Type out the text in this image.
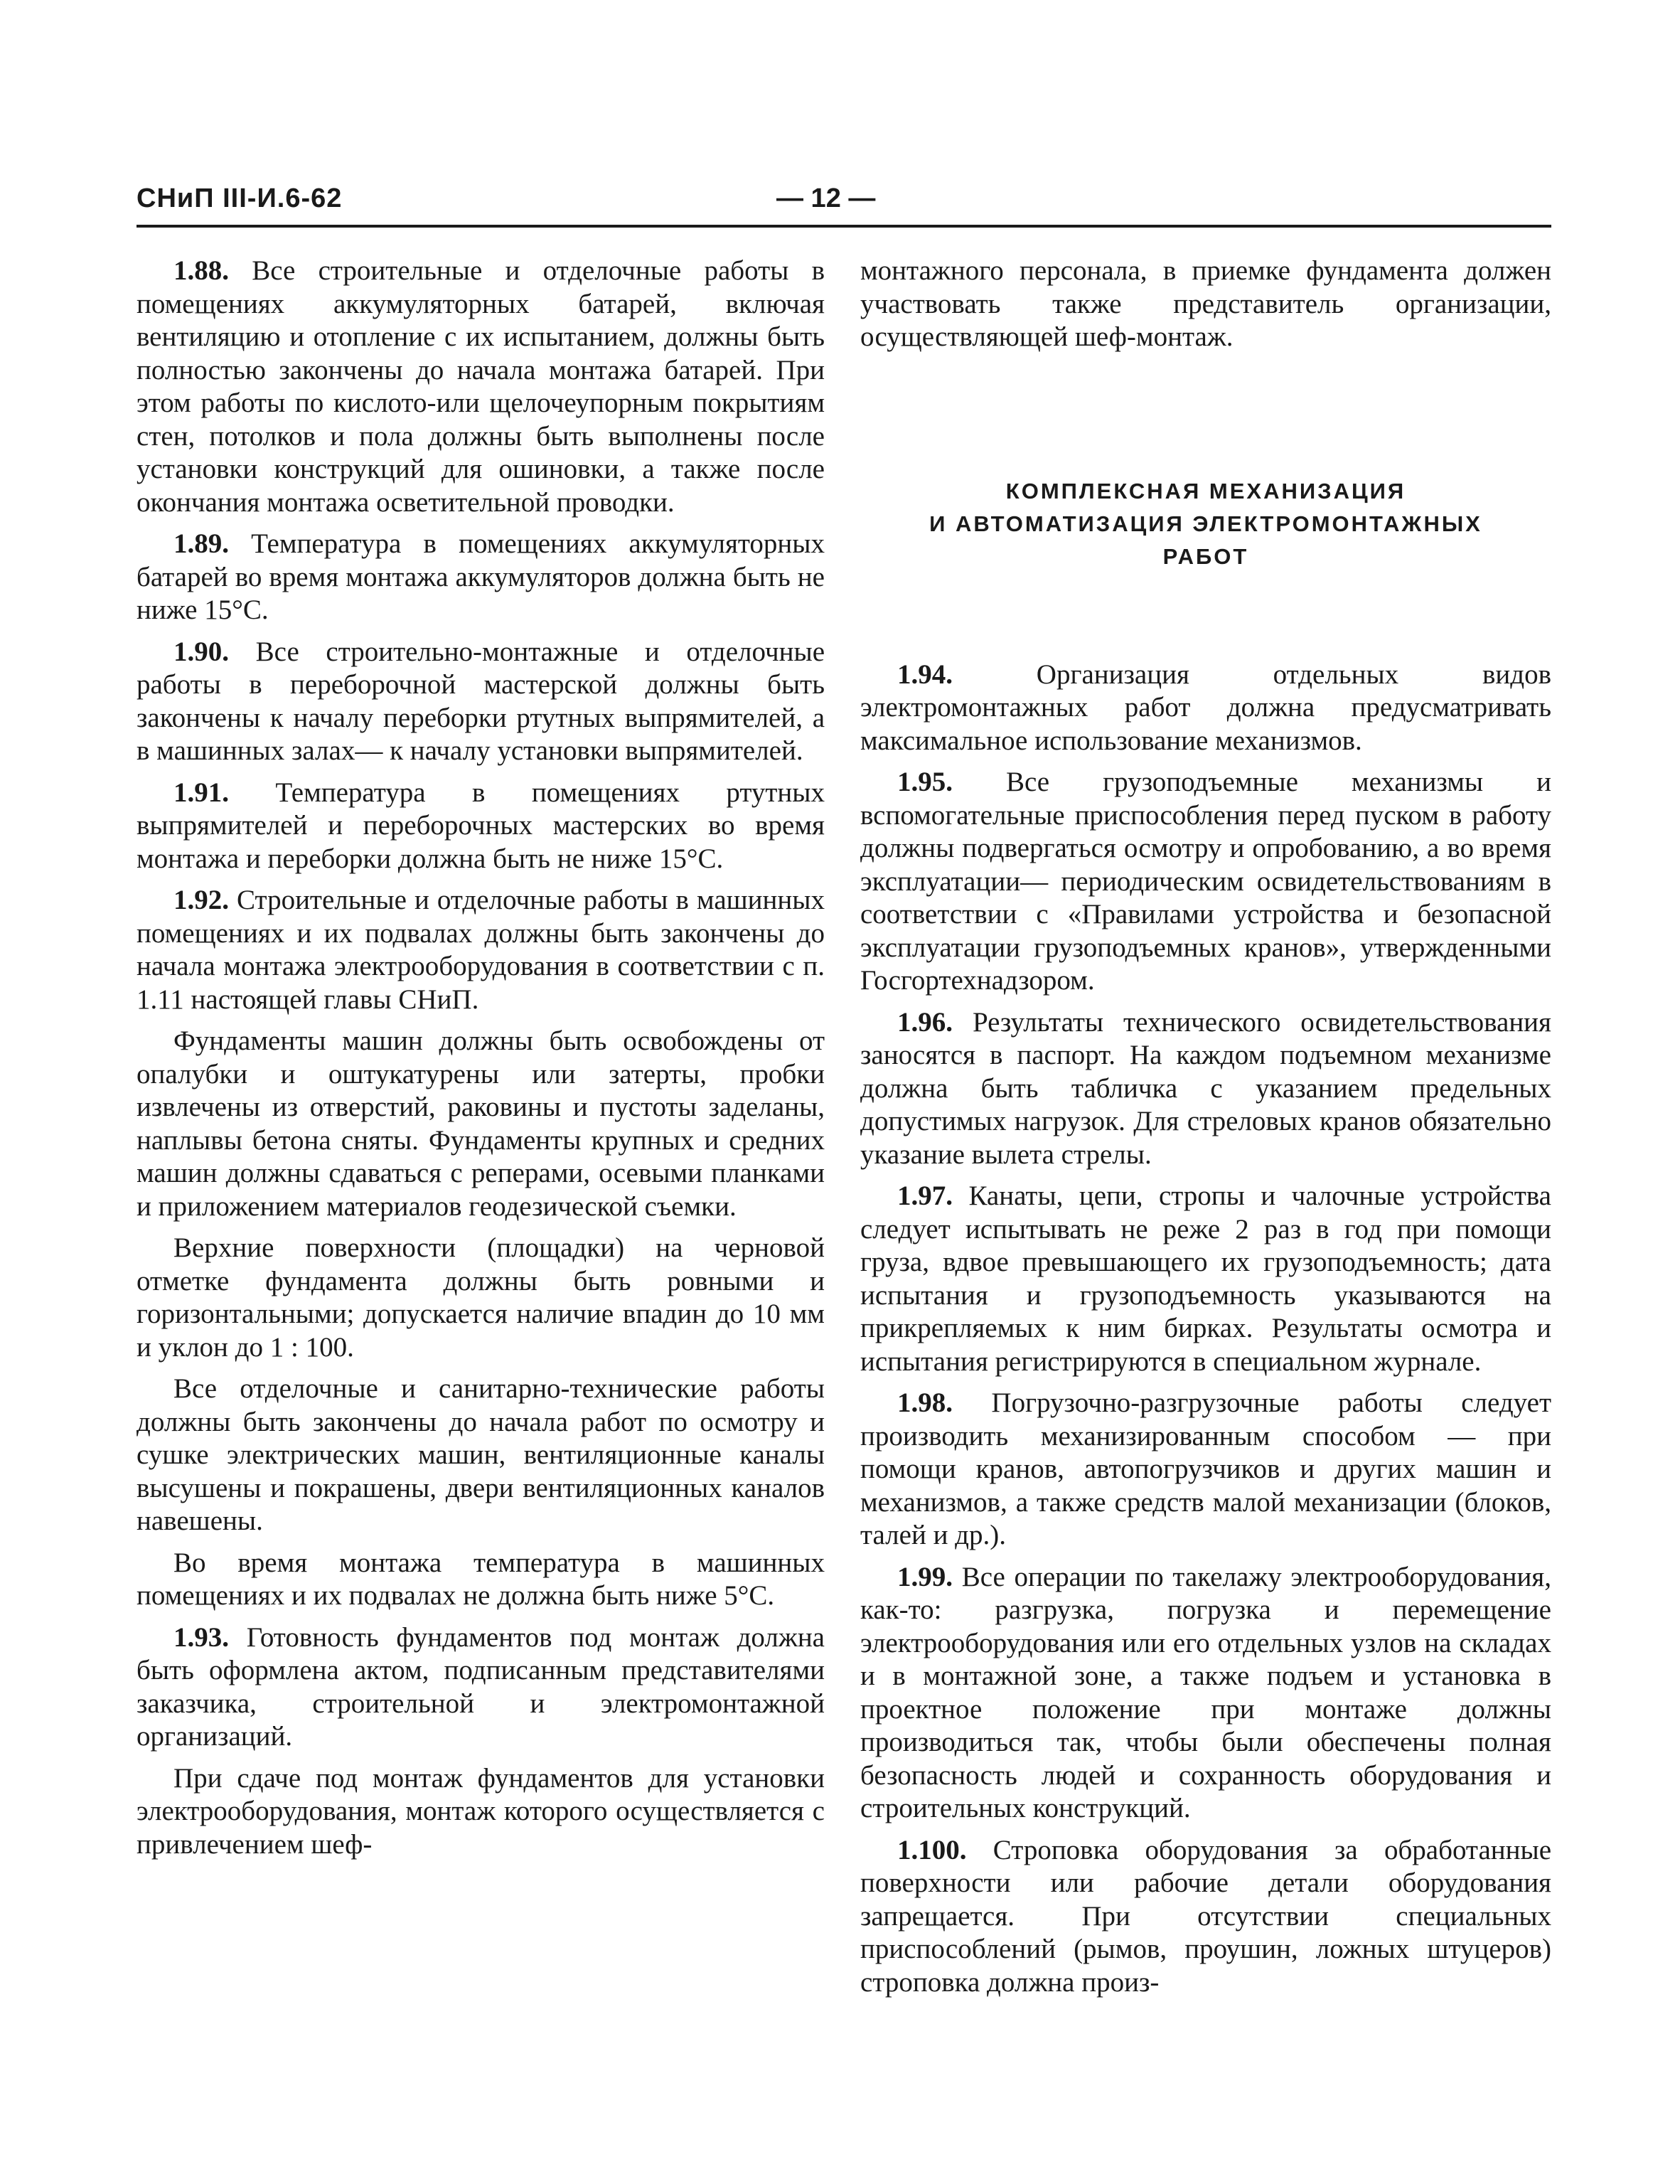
СНиП III-И.6-62	— 12 —

1.88. Все строительные и отделочные работы в помещениях аккумуляторных батарей, включая вентиляцию и отопление с их испытанием, должны быть полностью закончены до начала монтажа батарей. При этом работы по кислото-или щелочеупорным покрытиям стен, потолков и пола должны быть выполнены после установки конструкций для ошиновки, а также после окончания монтажа осветительной проводки.

1.89. Температура в помещениях аккумуляторных батарей во время монтажа аккумуляторов должна быть не ниже 15°С.

1.90. Все строительно-монтажные и отделочные работы в переборочной мастерской должны быть закончены к началу переборки ртутных выпрямителей, а в машинных залах— к началу установки выпрямителей.

1.91. Температура в помещениях ртутных выпрямителей и переборочных мастерских во время монтажа и переборки должна быть не ниже 15°С.

1.92. Строительные и отделочные работы в машинных помещениях и их подвалах должны быть закончены до начала монтажа электрооборудования в соответствии с п. 1.11 настоящей главы СНиП.

Фундаменты машин должны быть освобождены от опалубки и оштукатурены или затерты, пробки извлечены из отверстий, раковины и пустоты заделаны, наплывы бетона сняты. Фундаменты крупных и средних машин должны сдаваться с реперами, осевыми планками и приложением материалов геодезической съемки.

Верхние поверхности (площадки) на черновой отметке фундамента должны быть ровными и горизонтальными; допускается наличие впадин до 10 мм и уклон до 1 : 100.

Все отделочные и санитарно-технические работы должны быть закончены до начала работ по осмотру и сушке электрических машин, вентиляционные каналы высушены и покрашены, двери вентиляционных каналов навешены.

Во время монтажа температура в машинных помещениях и их подвалах не должна быть ниже 5°С.

1.93. Готовность фундаментов под монтаж должна быть оформлена актом, подписанным представителями заказчика, строительной и электромонтажной организаций.

При сдаче под монтаж фундаментов для установки электрооборудования, монтаж которого осуществляется с привлечением шеф-

монтажного персонала, в приемке фундамента должен участвовать также представитель организации, осуществляющей шеф-монтаж.

КОМПЛЕКСНАЯ МЕХАНИЗАЦИЯ
И АВТОМАТИЗАЦИЯ ЭЛЕКТРОМОНТАЖНЫХ
РАБОТ

1.94.	Организация отдельных видов электромонтажных работ должна предусматривать максимальное использование механизмов.

1.95. Все грузоподъемные механизмы и вспомогательные приспособления перед пуском в работу должны подвергаться осмотру и опробованию, а во время эксплуатации— периодическим освидетельствованиям в соответствии с «Правилами устройства и безопасной эксплуатации грузоподъемных кранов», утвержденными Госгортехнадзором.

1.96. Результаты технического освидетельствования заносятся в паспорт. На каждом подъемном механизме должна быть табличка с указанием предельных допустимых нагрузок. Для стреловых кранов обязательно указание вылета стрелы.

1.97. Канаты, цепи, стропы и чалочные устройства следует испытывать не реже 2 раз в год при помощи груза, вдвое превышающего их грузоподъемность; дата испытания и грузоподъемность указываются на прикрепляемых к ним бирках. Результаты осмотра и испытания регистрируются в специальном журнале.

1.98. Погрузочно-разгрузочные работы следует производить механизированным способом — при помощи кранов, автопогрузчиков и других машин и механизмов, а также средств малой механизации (блоков, талей и др.).

1.99. Все операции по такелажу электрооборудования, как-то: разгрузка, погрузка и перемещение электрооборудования или его отдельных узлов на складах и в монтажной зоне, а также подъем и установка в проектное положение при монтаже должны производиться так, чтобы были обеспечены полная безопасность людей и сохранность оборудования и строительных конструкций.

1.100. Строповка оборудования за обработанные поверхности или рабочие детали оборудования запрещается. При отсутствии специальных приспособлений (рымов, проушин, ложных штуцеров) строповка должна произ-
